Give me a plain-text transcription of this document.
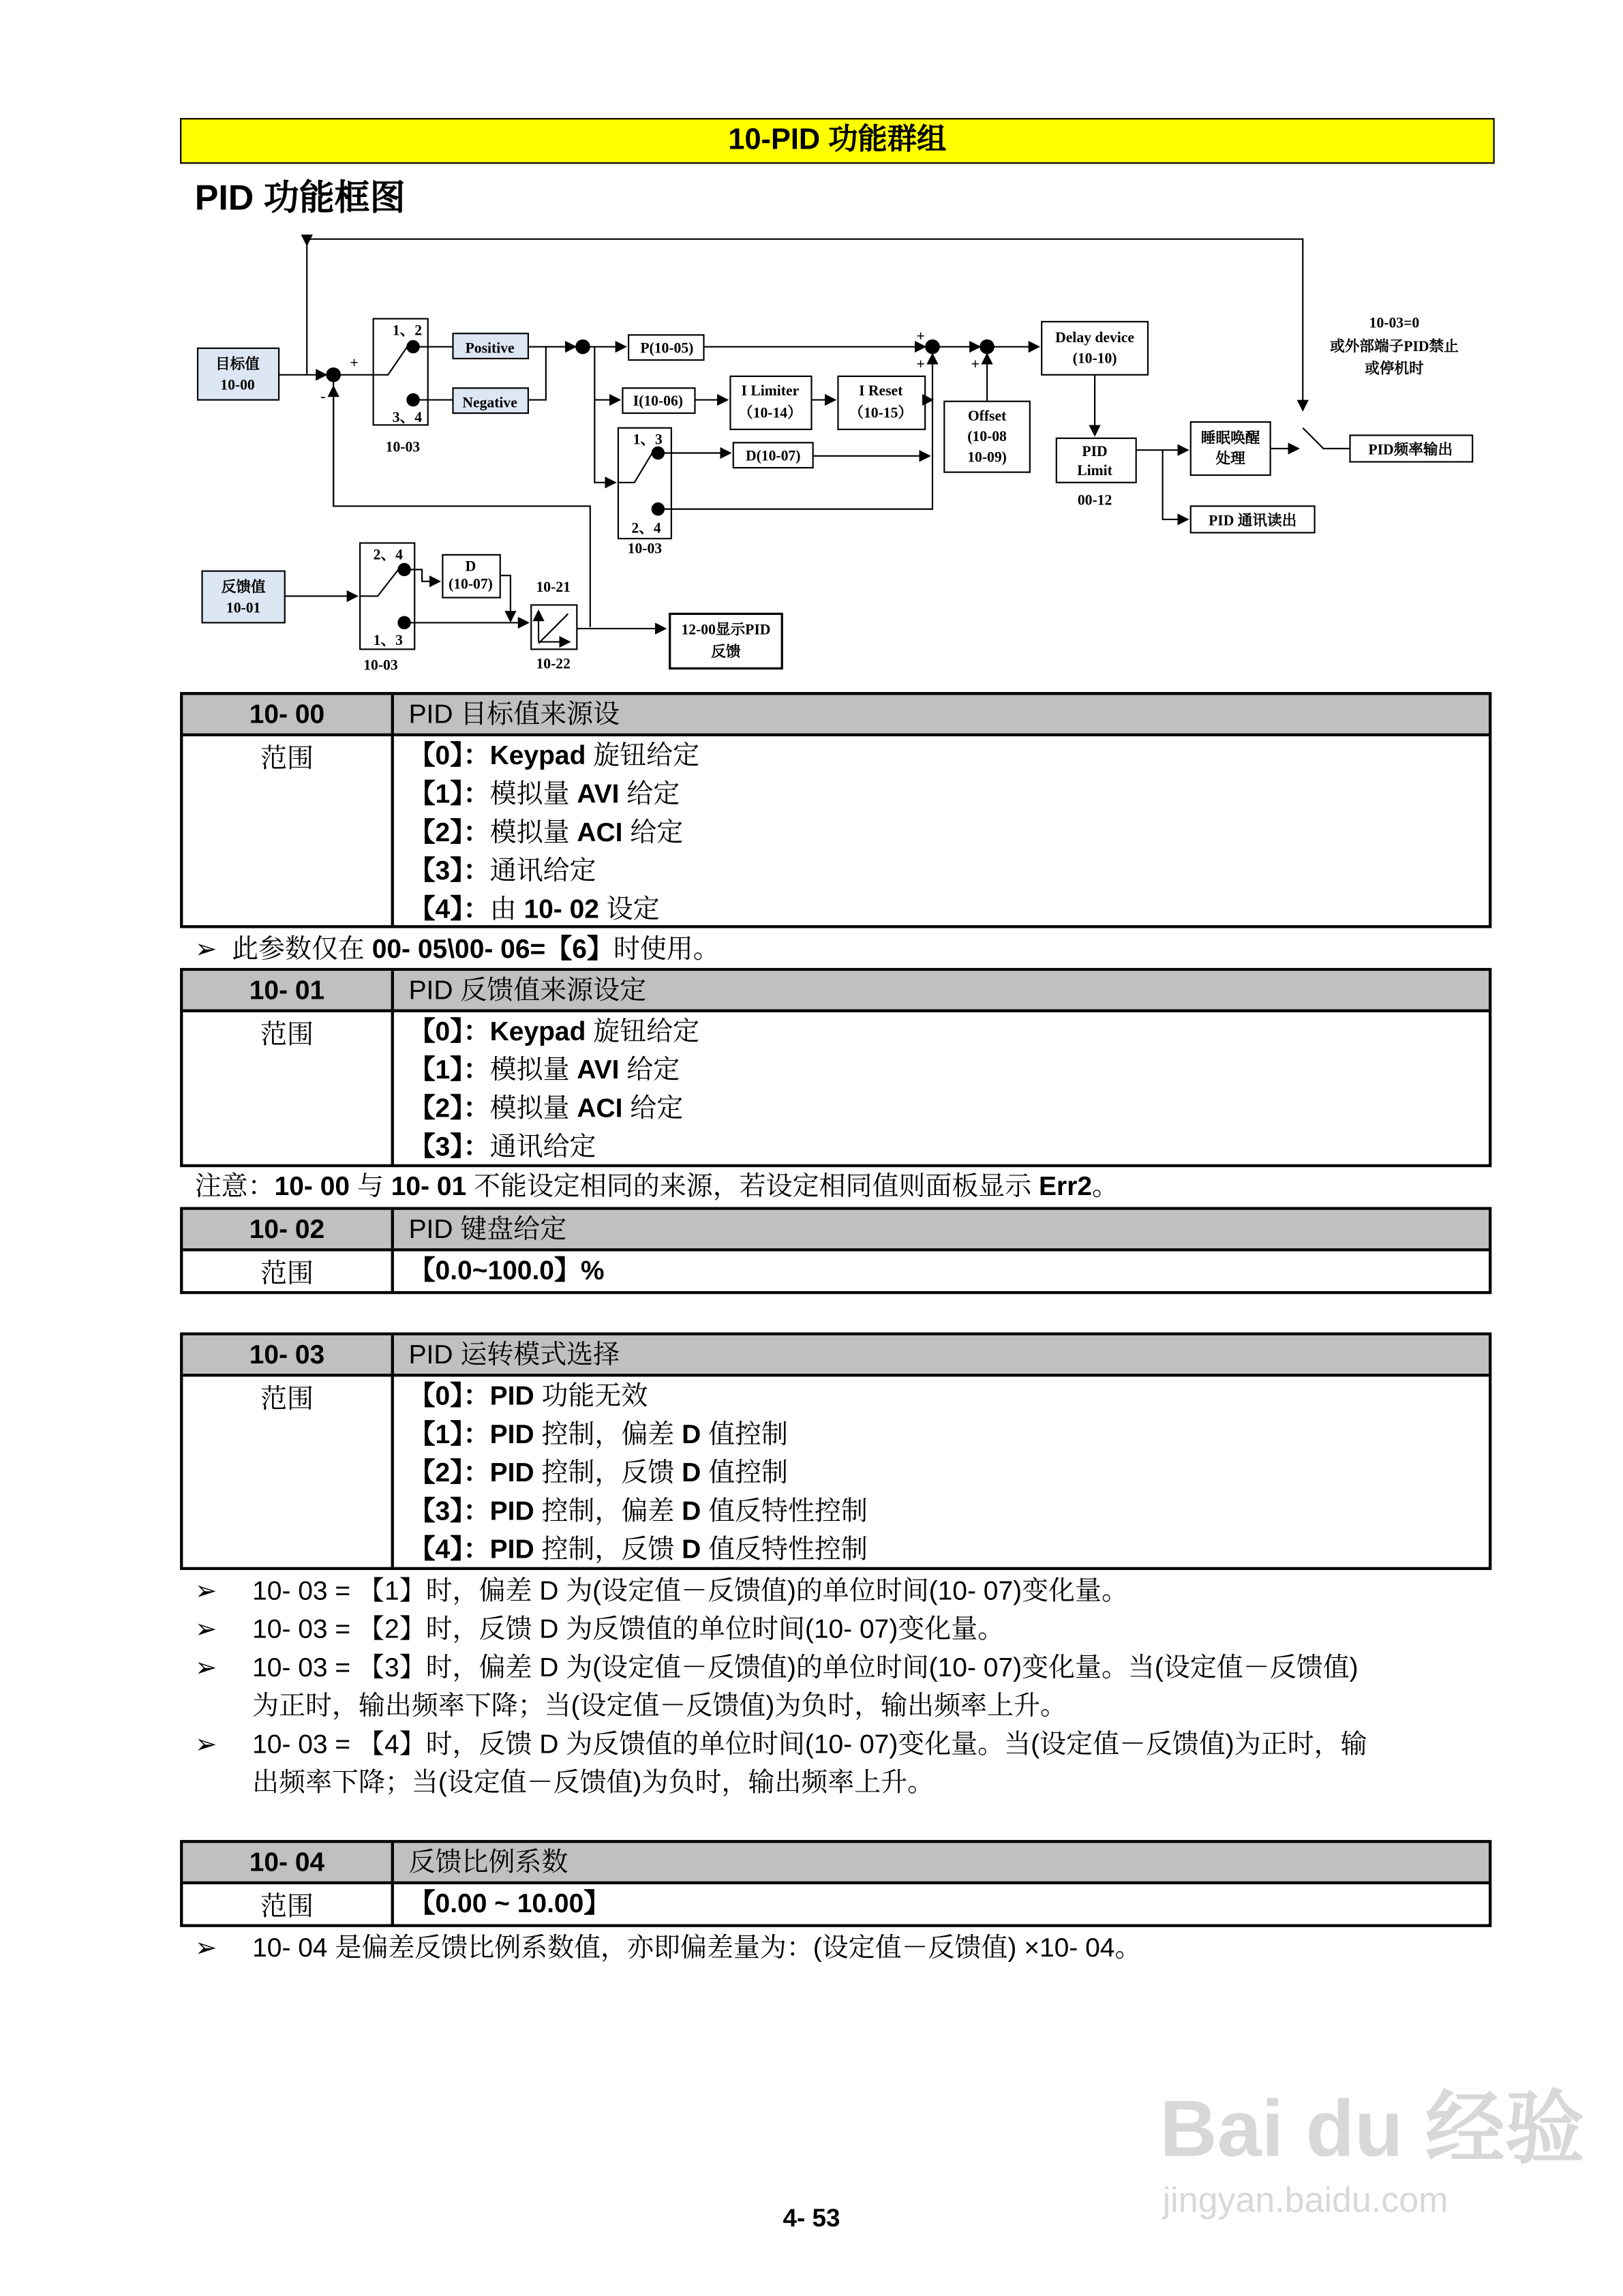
10-PID 功能群组
PID 功能框图
目标值
10-00
+
-
1、2
3、4
10-03
Positive
Negative
P(10-05)
I(10-06)
I Limiter
（10-14）
I Reset
（10-15）
1、3
2、4
10-03
D(10-07)
+
+	+
Offset
(10-08
10-09)
Delay device
(10-10)
PID
Limit
00-12
睡眠唤醒
处理
PID 通讯读出
PID频率输出
10-03=0
或外部端子PID禁止
或停机时
反馈值
10-01
2、4
1、3
10-03
D
(10-07)	10-21
10-22
12-00显示PID
反馈
10- 00	PID 目标值来源设
范围	【0】：Keypad 旋钮给定
【1】：模拟量 AVI 给定
【2】：模拟量 ACI 给定
【3】：通讯给定
【4】：由 10- 02 设定
➢ 此参数仅在 00- 05\00- 06=【6】时使用。
10- 01	PID 反馈值来源设定
范围	【0】：Keypad 旋钮给定
【1】：模拟量 AVI 给定
【2】：模拟量 ACI 给定
【3】：通讯给定
注意：10- 00 与 10- 01 不能设定相同的来源，若设定相同值则面板显示 Err2。
10- 02	PID 键盘给定
范围	【0.0~100.0】%
10- 03	PID 运转模式选择
范围	【0】：PID 功能无效
【1】：PID 控制，偏差 D 值控制
【2】：PID 控制，反馈 D 值控制
【3】：PID 控制，偏差 D 值反特性控制
【4】：PID 控制，反馈 D 值反特性控制
➢	10- 03 = 【1】时，偏差 D 为(设定值－反馈值)的单位时间(10- 07)变化量。
➢	10- 03 = 【2】时，反馈 D 为反馈值的单位时间(10- 07)变化量。
➢	10- 03 = 【3】时，偏差 D 为(设定值－反馈值)的单位时间(10- 07)变化量。当(设定值－反馈值)
为正时，输出频率下降；当(设定值－反馈值)为负时，输出频率上升。
➢	10- 03 = 【4】时，反馈 D 为反馈值的单位时间(10- 07)变化量。当(设定值－反馈值)为正时，输
出频率下降；当(设定值－反馈值)为负时，输出频率上升。
10- 04	反馈比例系数
范围	【0.00 ~ 10.00】
➢	10- 04 是偏差反馈比例系数值，亦即偏差量为：(设定值－反馈值) ×10- 04。
Bai du 经验
jingyan.baidu.com
4- 53
